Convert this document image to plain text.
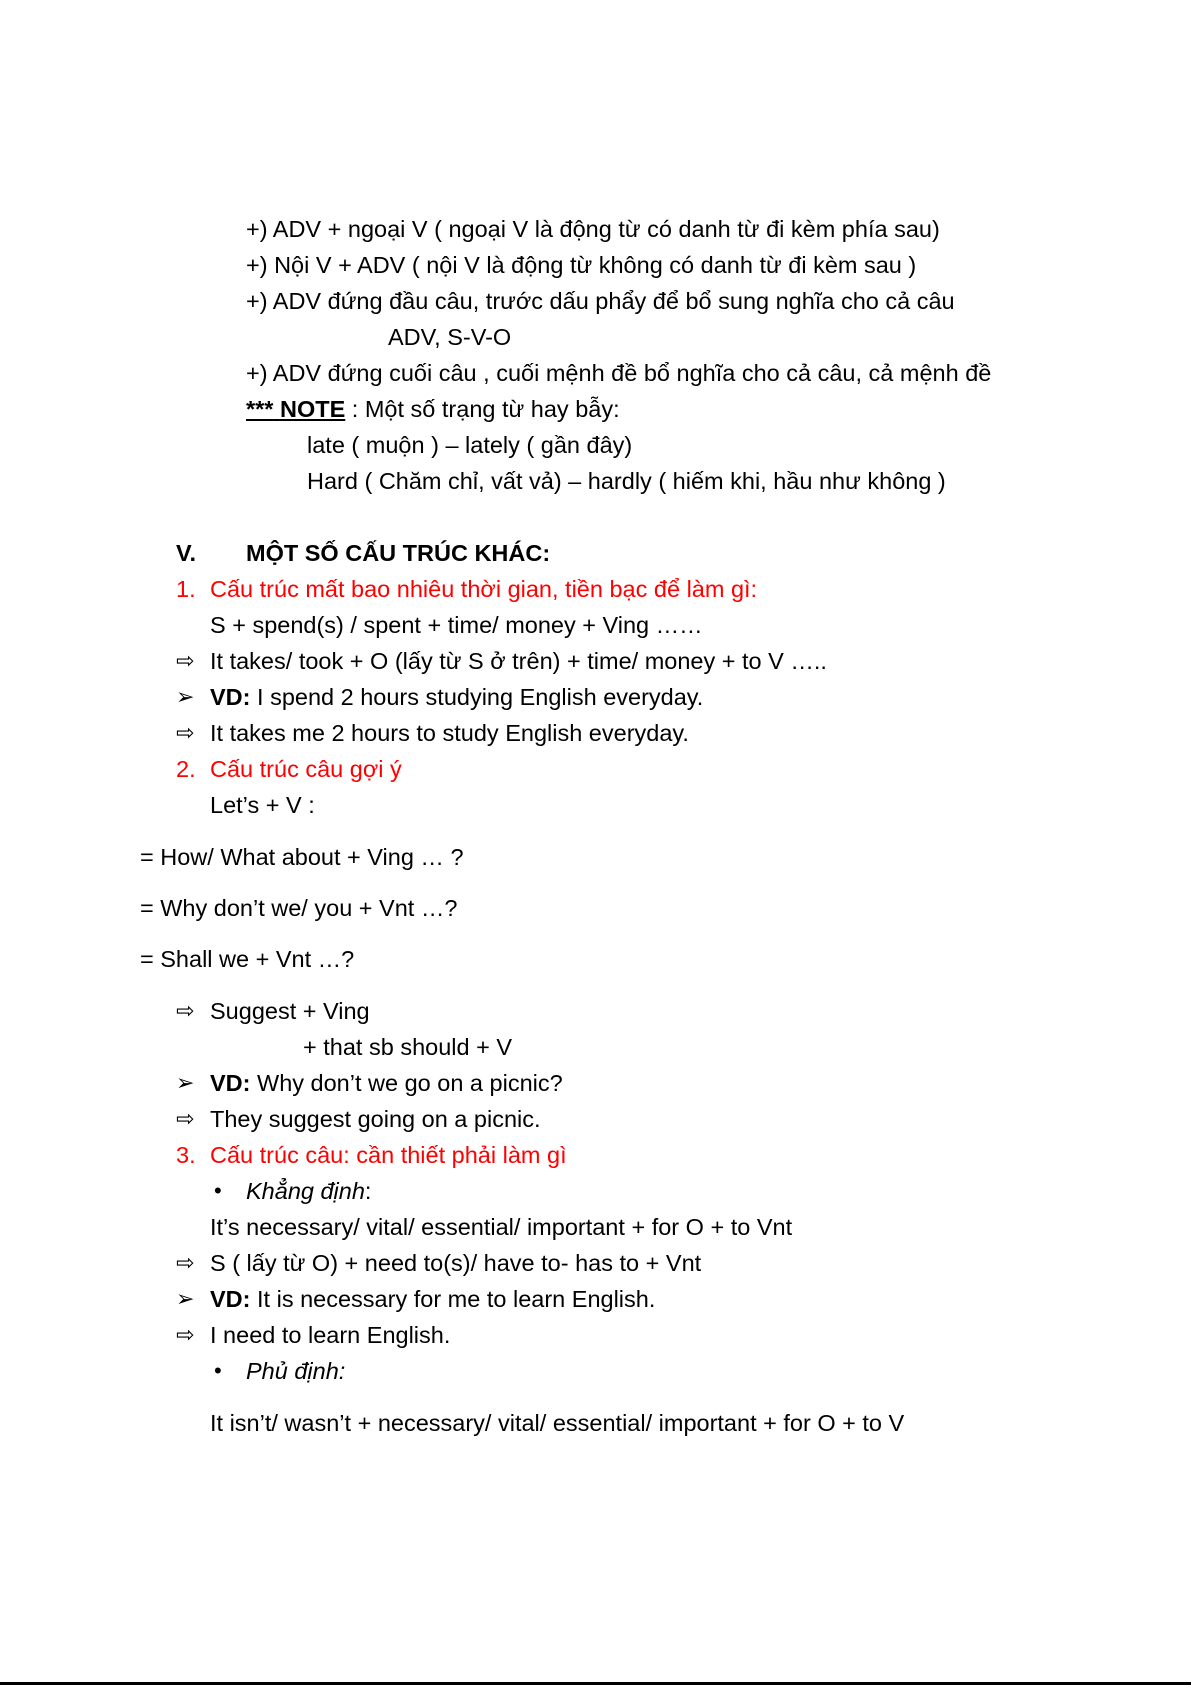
+) ADV + ngoại V ( ngoại V là động từ có danh từ đi kèm phía sau)
+) Nội V + ADV ( nội V là động từ không có danh từ đi kèm sau )
+) ADV đứng đầu câu, trước dấu phẩy để bổ sung nghĩa cho cả câu
ADV, S-V-O
+) ADV đứng cuối câu , cuối mệnh đề bổ nghĩa cho cả câu, cả mệnh đề
*** NOTE : Một số trạng từ hay bẫy:
late ( muộn ) – lately ( gần đây)
Hard ( Chăm chỉ, vất vả) – hardly ( hiếm khi, hầu như không )
V. MỘT SỐ CẤU TRÚC KHÁC:
1. Cấu trúc mất bao nhiêu thời gian, tiền bạc để làm gì:
S + spend(s) / spent + time/ money + Ving ……
⇨ It takes/ took + O (lấy từ S ở trên) + time/ money + to V …..
➢ VD: I spend 2 hours studying English everyday.
⇨ It takes me 2 hours to study English everyday.
2. Cấu trúc câu gợi ý
Let’s + V :
= How/ What about + Ving … ?
= Why don’t we/ you + Vnt …?
= Shall we + Vnt …?
⇨ Suggest + Ving
+ that sb should + V
➢ VD: Why don’t we go on a picnic?
⇨ They suggest going on a picnic.
3. Cấu trúc câu: cần thiết phải làm gì
• Khẳng định:
It’s necessary/ vital/ essential/ important + for O + to Vnt
⇨ S ( lấy từ O) + need to(s)/ have to- has to + Vnt
➢ VD: It is necessary for me to learn English.
⇨ I need to learn English.
• Phủ định:
It isn’t/ wasn’t + necessary/ vital/ essential/ important + for O + to V
